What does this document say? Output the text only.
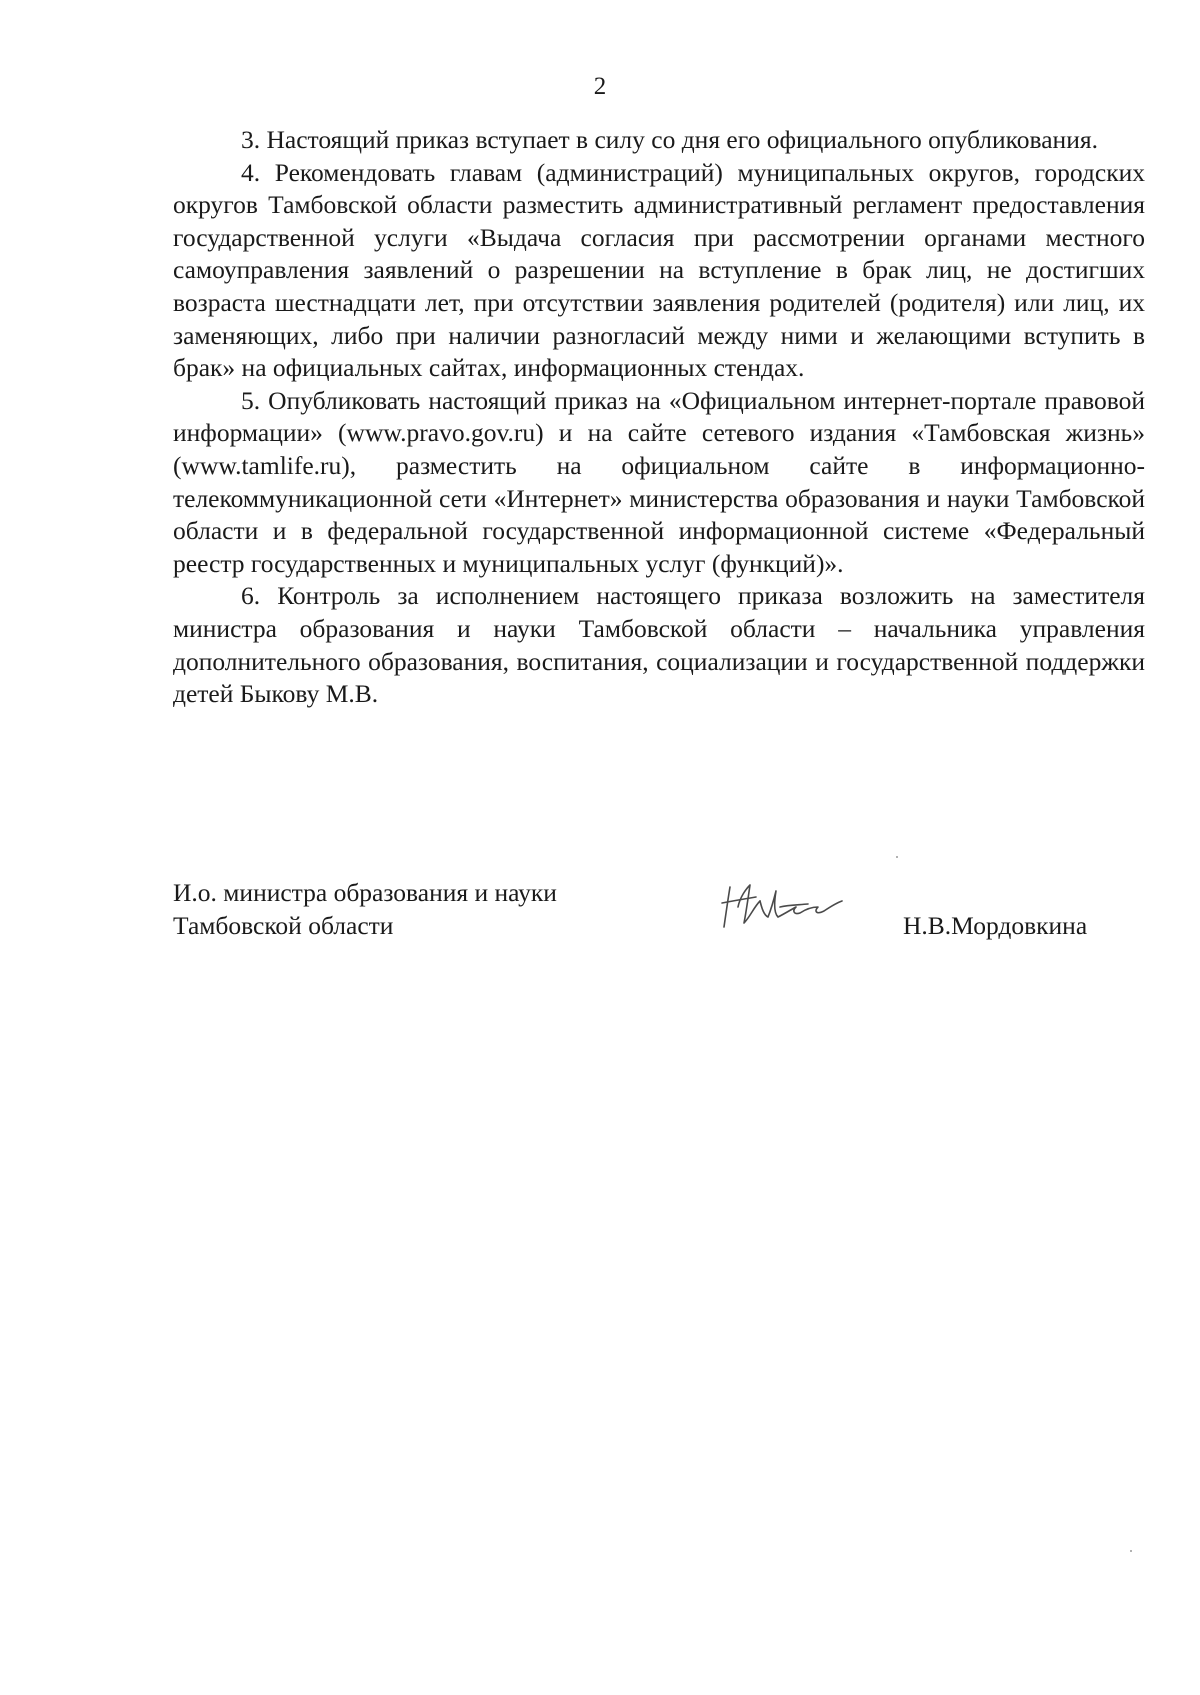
2

3. Настоящий приказ вступает в силу со дня его официального опубликования.

4. Рекомендовать главам (администраций) муниципальных округов, городских округов Тамбовской области разместить административный регламент предоставления государственной услуги «Выдача согласия при рассмотрении органами местного самоуправления заявлений о разрешении на вступление в брак лиц, не достигших возраста шестнадцати лет, при отсутствии заявления родителей (родителя) или лиц, их заменяющих, либо при наличии разногласий между ними и желающими вступить в брак» на официальных сайтах, информационных стендах.

5. Опубликовать настоящий приказ на «Официальном интернет-портале правовой информации» (www.pravo.gov.ru) и на сайте сетевого издания «Тамбовская жизнь» (www.tamlife.ru), разместить на официальном сайте в информационно-телекоммуникационной сети «Интернет» министерства образования и науки Тамбовской области и в федеральной государственной информационной системе «Федеральный реестр государственных и муниципальных услуг (функций)».

6. Контроль за исполнением настоящего приказа возложить на заместителя министра образования и науки Тамбовской области – начальника управления дополнительного образования, воспитания, социализации и государственной поддержки детей Быкову М.В.

И.о. министра образования и науки
Тамбовской области	Н.В.Мордовкина
